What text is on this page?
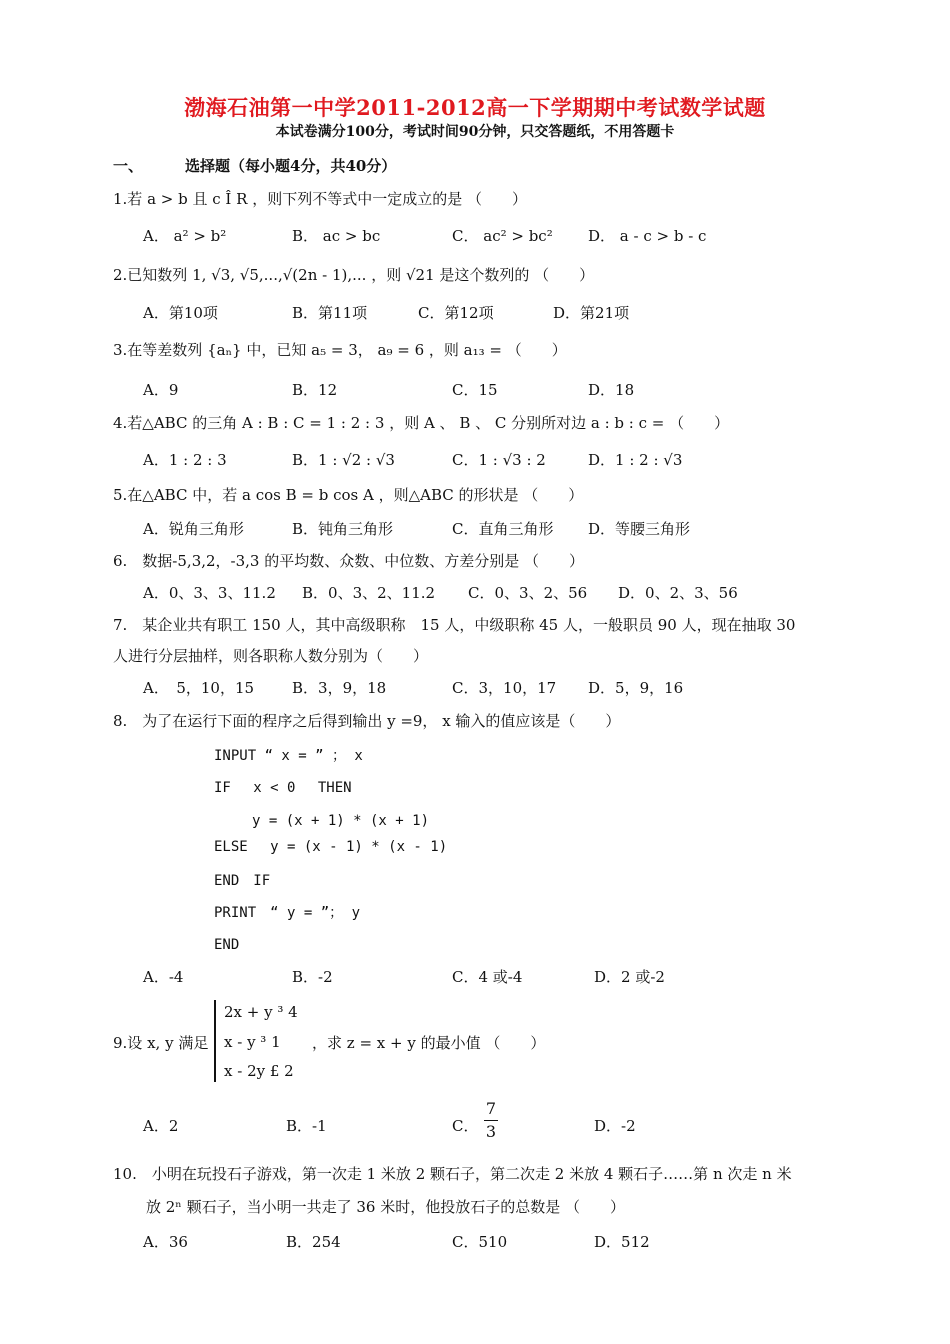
渤海石油第一中学2011-2012高一下学期期中考试数学试题
本试卷满分100分，考试时间90分钟，只交答题纸，不用答题卡
一、	选择题（每小题4分，共40分）
1.若 a > b 且 c Î R ，则下列不等式中一定成立的是 （　　）
A． a² > b²	B． ac > bc	C． ac² > bc² D． a - c > b - c
2.已知数列 1, √3, √5,...,√(2n - 1),... ，则 √21 是这个数列的 （　　）
A．第10项	B．第11项	C．第12项	D．第21项
3.在等差数列 {aₙ} 中，已知 a₅ = 3， a₉ = 6 ，则 a₁₃ = （　　）
A．9	B．12	C．15	D．18
4.若△ABC 的三角 A : B : C = 1 : 2 : 3 ，则 A 、 B 、 C 分别所对边 a : b : c = （　　）
A．1 : 2 : 3	B．1 : √2 : √3	C．1 : √3 : 2	D．1 : 2 : √3
5.在△ABC 中，若 a cos B = b cos A ，则△ABC 的形状是 （　　）
A．锐角三角形	B．钝角三角形	C．直角三角形 D．等腰三角形
6.　数据-5,3,2，-3,3 的平均数、众数、中位数、方差分别是 （　　）
A．0、3、3、11.2 B．0、3、2、11.2 C．0、3、2、56 D．0、2、3、56
7.　某企业共有职工 150 人，其中高级职称　15 人，中级职称 45 人，一般职员 90 人，现在抽取 30
人进行分层抽样，则各职称人数分别为（　　）
A．　5，10，15	B．3，9，18	C．3，10，17 D．5，9，16
8.　为了在运行下面的程序之后得到输出 y =9， x 输入的值应该是（　　）
INPUT “ x = ” ； x
IF　 x < 0　 THEN
y = (x + 1) * (x + 1)
ELSE　 y = (x - 1) * (x - 1)
END　IF
PRINT　“ y = ”； y
END
A．-4	B．-2	C．4 或-4	D．2 或-2
9.设 x, y 满足
2x + y ³ 4
x - y ³ 1
x - 2y £ 2
，求 z = x + y 的最小值 （　　）
A．2	B．-1	C．
7
3	D．-2
10.　小明在玩投石子游戏，第一次走 1 米放 2 颗石子，第二次走 2 米放 4 颗石子……第 n 次走 n 米
放 2ⁿ 颗石子，当小明一共走了 36 米时，他投放石子的总数是 （　　）
A．36	B．254	C．510	D．512
